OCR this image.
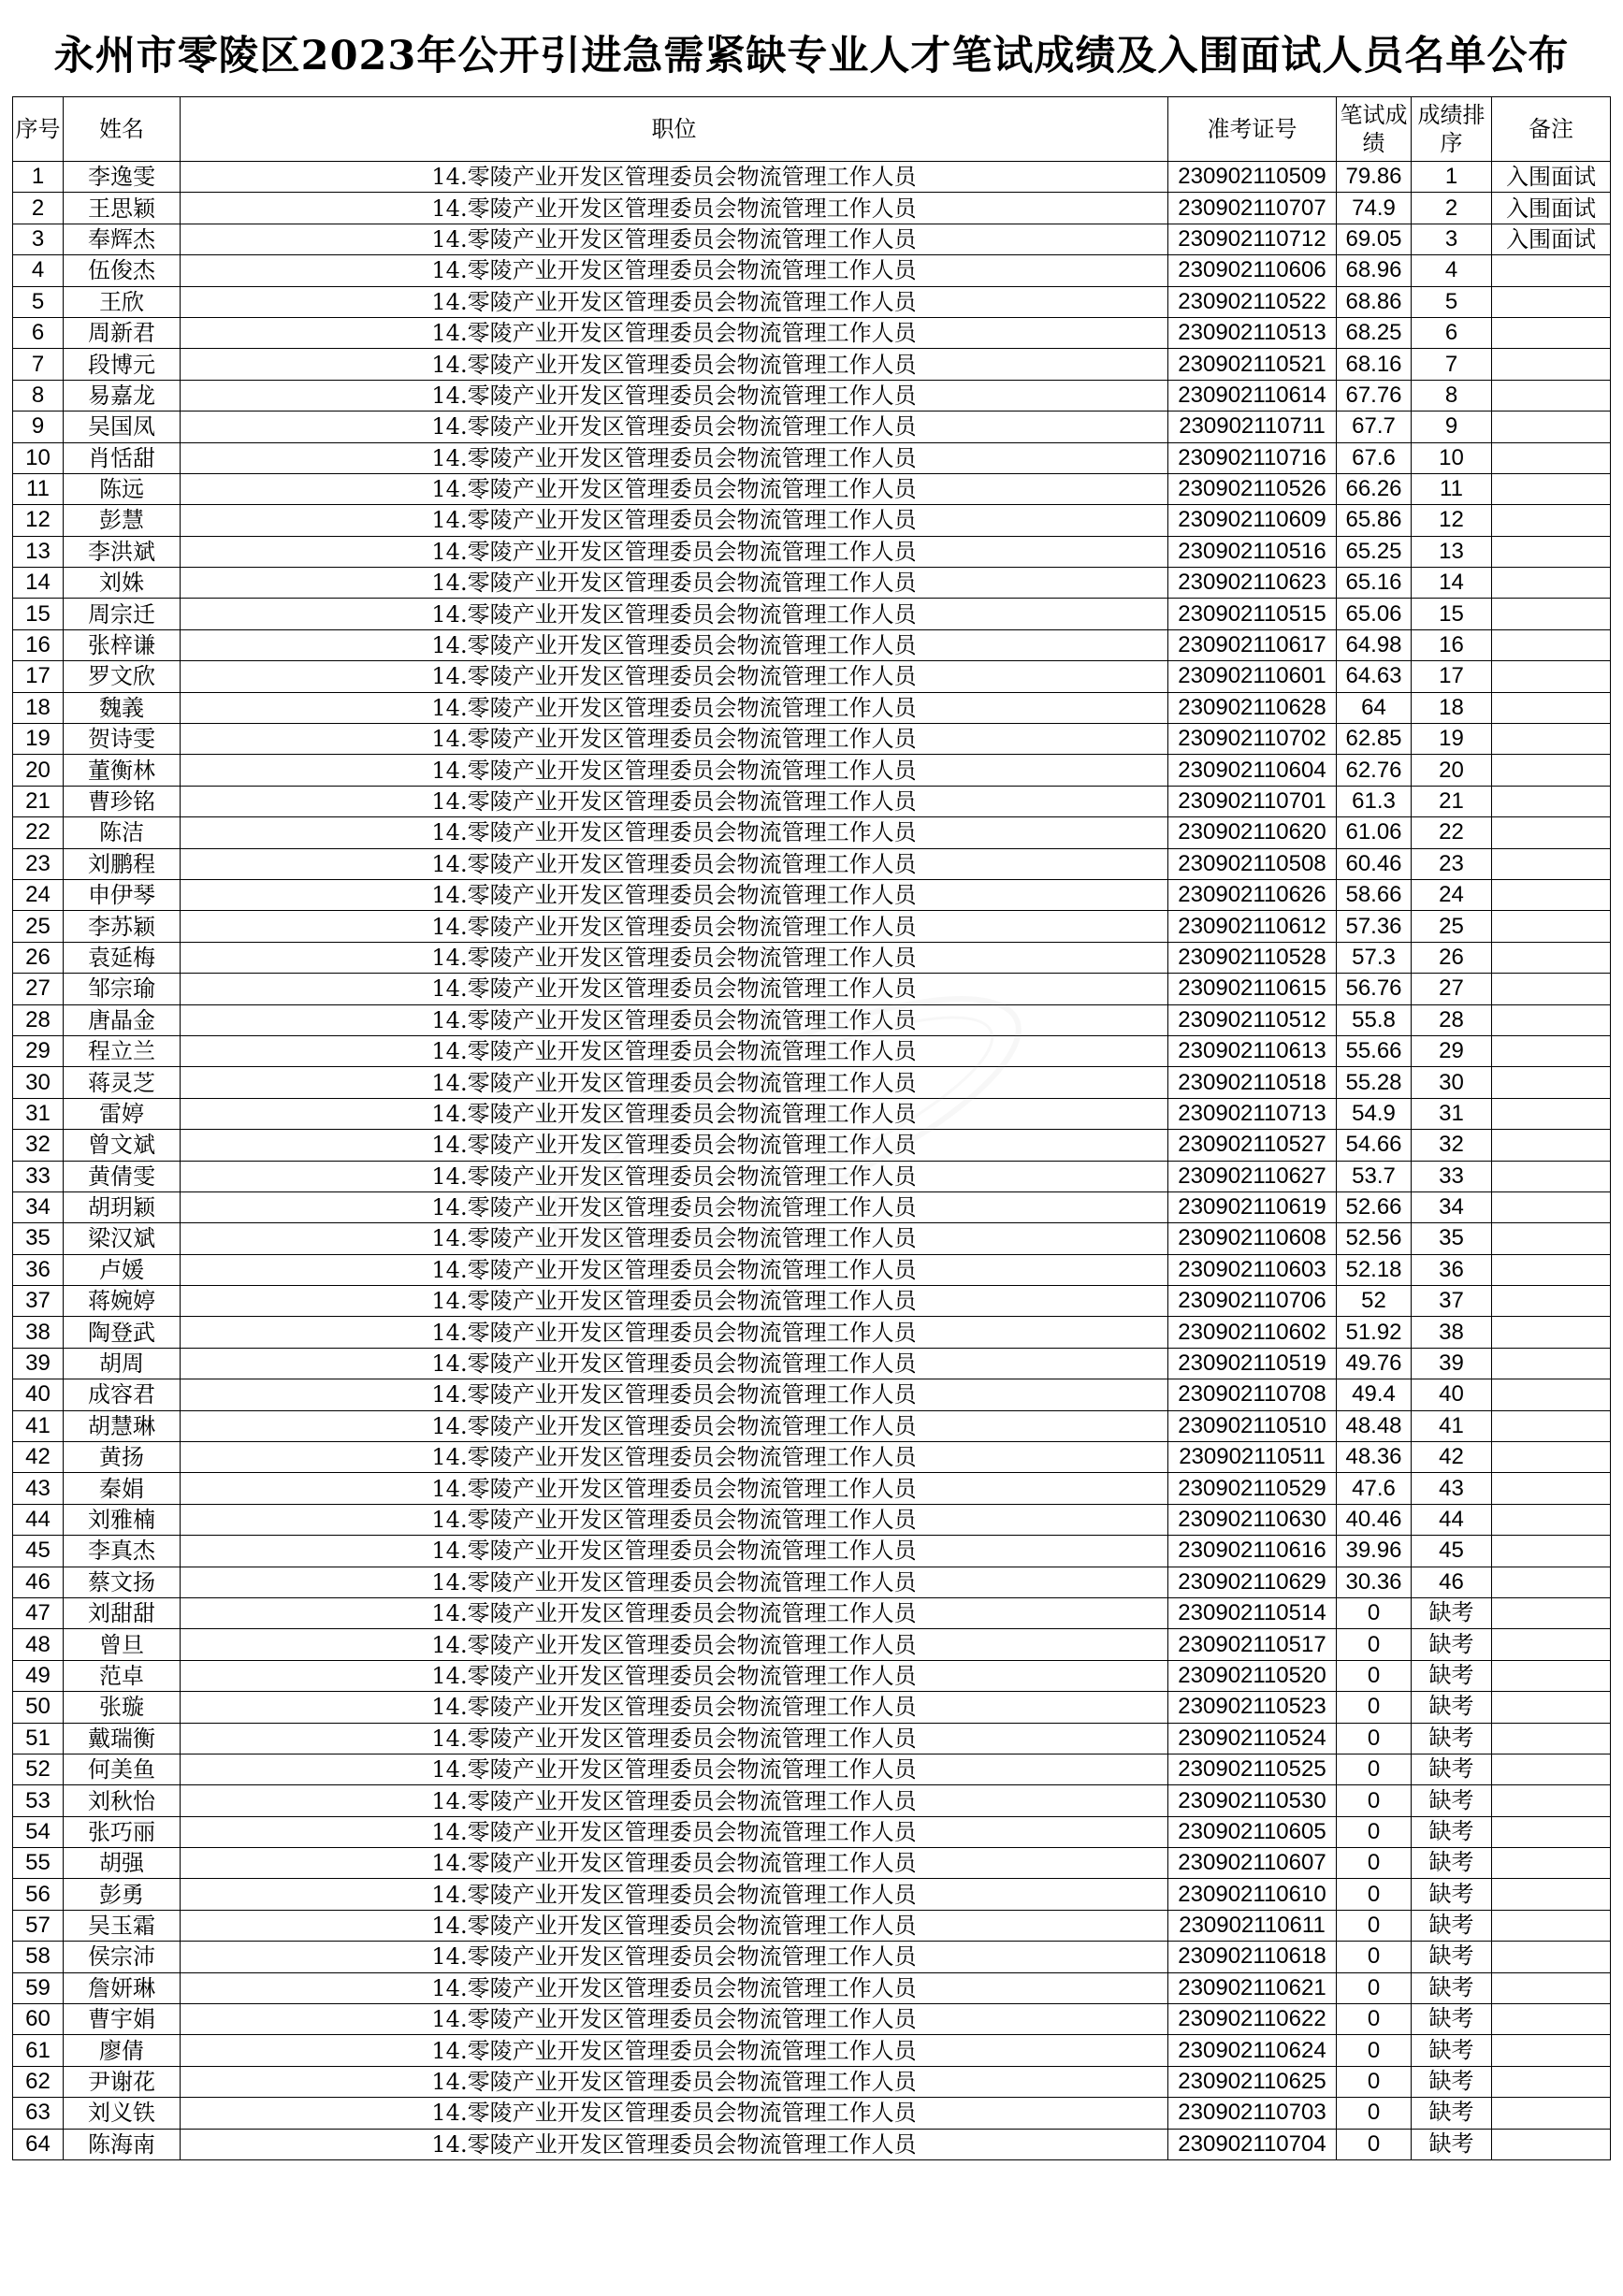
永州市零陵区2023年公开引进急需紧缺专业人才笔试成绩及入围面试人员名单公布
序号	姓名	职位	准考证号	笔试成绩	成绩排序	备注
1	李逸雯	14.零陵产业开发区管理委员会物流管理工作人员	230902110509	79.86	1	入围面试
2	王思颖	14.零陵产业开发区管理委员会物流管理工作人员	230902110707	74.9	2	入围面试
3	奉辉杰	14.零陵产业开发区管理委员会物流管理工作人员	230902110712	69.05	3	入围面试
4	伍俊杰	14.零陵产业开发区管理委员会物流管理工作人员	230902110606	68.96	4	
5	王欣	14.零陵产业开发区管理委员会物流管理工作人员	230902110522	68.86	5	
6	周新君	14.零陵产业开发区管理委员会物流管理工作人员	230902110513	68.25	6	
7	段博元	14.零陵产业开发区管理委员会物流管理工作人员	230902110521	68.16	7	
8	易嘉龙	14.零陵产业开发区管理委员会物流管理工作人员	230902110614	67.76	8	
9	吴国凤	14.零陵产业开发区管理委员会物流管理工作人员	230902110711	67.7	9	
10	肖恬甜	14.零陵产业开发区管理委员会物流管理工作人员	230902110716	67.6	10	
11	陈远	14.零陵产业开发区管理委员会物流管理工作人员	230902110526	66.26	11	
12	彭慧	14.零陵产业开发区管理委员会物流管理工作人员	230902110609	65.86	12	
13	李洪斌	14.零陵产业开发区管理委员会物流管理工作人员	230902110516	65.25	13	
14	刘姝	14.零陵产业开发区管理委员会物流管理工作人员	230902110623	65.16	14	
15	周宗迁	14.零陵产业开发区管理委员会物流管理工作人员	230902110515	65.06	15	
16	张梓谦	14.零陵产业开发区管理委员会物流管理工作人员	230902110617	64.98	16	
17	罗文欣	14.零陵产业开发区管理委员会物流管理工作人员	230902110601	64.63	17	
18	魏義	14.零陵产业开发区管理委员会物流管理工作人员	230902110628	64	18	
19	贺诗雯	14.零陵产业开发区管理委员会物流管理工作人员	230902110702	62.85	19	
20	董衡林	14.零陵产业开发区管理委员会物流管理工作人员	230902110604	62.76	20	
21	曹珍铭	14.零陵产业开发区管理委员会物流管理工作人员	230902110701	61.3	21	
22	陈洁	14.零陵产业开发区管理委员会物流管理工作人员	230902110620	61.06	22	
23	刘鹏程	14.零陵产业开发区管理委员会物流管理工作人员	230902110508	60.46	23	
24	申伊琴	14.零陵产业开发区管理委员会物流管理工作人员	230902110626	58.66	24	
25	李苏颖	14.零陵产业开发区管理委员会物流管理工作人员	230902110612	57.36	25	
26	袁延梅	14.零陵产业开发区管理委员会物流管理工作人员	230902110528	57.3	26	
27	邹宗瑜	14.零陵产业开发区管理委员会物流管理工作人员	230902110615	56.76	27	
28	唐晶金	14.零陵产业开发区管理委员会物流管理工作人员	230902110512	55.8	28	
29	程立兰	14.零陵产业开发区管理委员会物流管理工作人员	230902110613	55.66	29	
30	蒋灵芝	14.零陵产业开发区管理委员会物流管理工作人员	230902110518	55.28	30	
31	雷婷	14.零陵产业开发区管理委员会物流管理工作人员	230902110713	54.9	31	
32	曾文斌	14.零陵产业开发区管理委员会物流管理工作人员	230902110527	54.66	32	
33	黄倩雯	14.零陵产业开发区管理委员会物流管理工作人员	230902110627	53.7	33	
34	胡玥颖	14.零陵产业开发区管理委员会物流管理工作人员	230902110619	52.66	34	
35	梁汉斌	14.零陵产业开发区管理委员会物流管理工作人员	230902110608	52.56	35	
36	卢媛	14.零陵产业开发区管理委员会物流管理工作人员	230902110603	52.18	36	
37	蒋婉婷	14.零陵产业开发区管理委员会物流管理工作人员	230902110706	52	37	
38	陶登武	14.零陵产业开发区管理委员会物流管理工作人员	230902110602	51.92	38	
39	胡周	14.零陵产业开发区管理委员会物流管理工作人员	230902110519	49.76	39	
40	成容君	14.零陵产业开发区管理委员会物流管理工作人员	230902110708	49.4	40	
41	胡慧琳	14.零陵产业开发区管理委员会物流管理工作人员	230902110510	48.48	41	
42	黄扬	14.零陵产业开发区管理委员会物流管理工作人员	230902110511	48.36	42	
43	秦娟	14.零陵产业开发区管理委员会物流管理工作人员	230902110529	47.6	43	
44	刘雅楠	14.零陵产业开发区管理委员会物流管理工作人员	230902110630	40.46	44	
45	李真杰	14.零陵产业开发区管理委员会物流管理工作人员	230902110616	39.96	45	
46	蔡文扬	14.零陵产业开发区管理委员会物流管理工作人员	230902110629	30.36	46	
47	刘甜甜	14.零陵产业开发区管理委员会物流管理工作人员	230902110514	0	缺考	
48	曾旦	14.零陵产业开发区管理委员会物流管理工作人员	230902110517	0	缺考	
49	范卓	14.零陵产业开发区管理委员会物流管理工作人员	230902110520	0	缺考	
50	张璇	14.零陵产业开发区管理委员会物流管理工作人员	230902110523	0	缺考	
51	戴瑞衡	14.零陵产业开发区管理委员会物流管理工作人员	230902110524	0	缺考	
52	何美鱼	14.零陵产业开发区管理委员会物流管理工作人员	230902110525	0	缺考	
53	刘秋怡	14.零陵产业开发区管理委员会物流管理工作人员	230902110530	0	缺考	
54	张巧丽	14.零陵产业开发区管理委员会物流管理工作人员	230902110605	0	缺考	
55	胡强	14.零陵产业开发区管理委员会物流管理工作人员	230902110607	0	缺考	
56	彭勇	14.零陵产业开发区管理委员会物流管理工作人员	230902110610	0	缺考	
57	吴玉霜	14.零陵产业开发区管理委员会物流管理工作人员	230902110611	0	缺考	
58	侯宗沛	14.零陵产业开发区管理委员会物流管理工作人员	230902110618	0	缺考	
59	詹妍琳	14.零陵产业开发区管理委员会物流管理工作人员	230902110621	0	缺考	
60	曹宇娟	14.零陵产业开发区管理委员会物流管理工作人员	230902110622	0	缺考	
61	廖倩	14.零陵产业开发区管理委员会物流管理工作人员	230902110624	0	缺考	
62	尹谢花	14.零陵产业开发区管理委员会物流管理工作人员	230902110625	0	缺考	
63	刘义铁	14.零陵产业开发区管理委员会物流管理工作人员	230902110703	0	缺考	
64	陈海南	14.零陵产业开发区管理委员会物流管理工作人员	230902110704	0	缺考	
